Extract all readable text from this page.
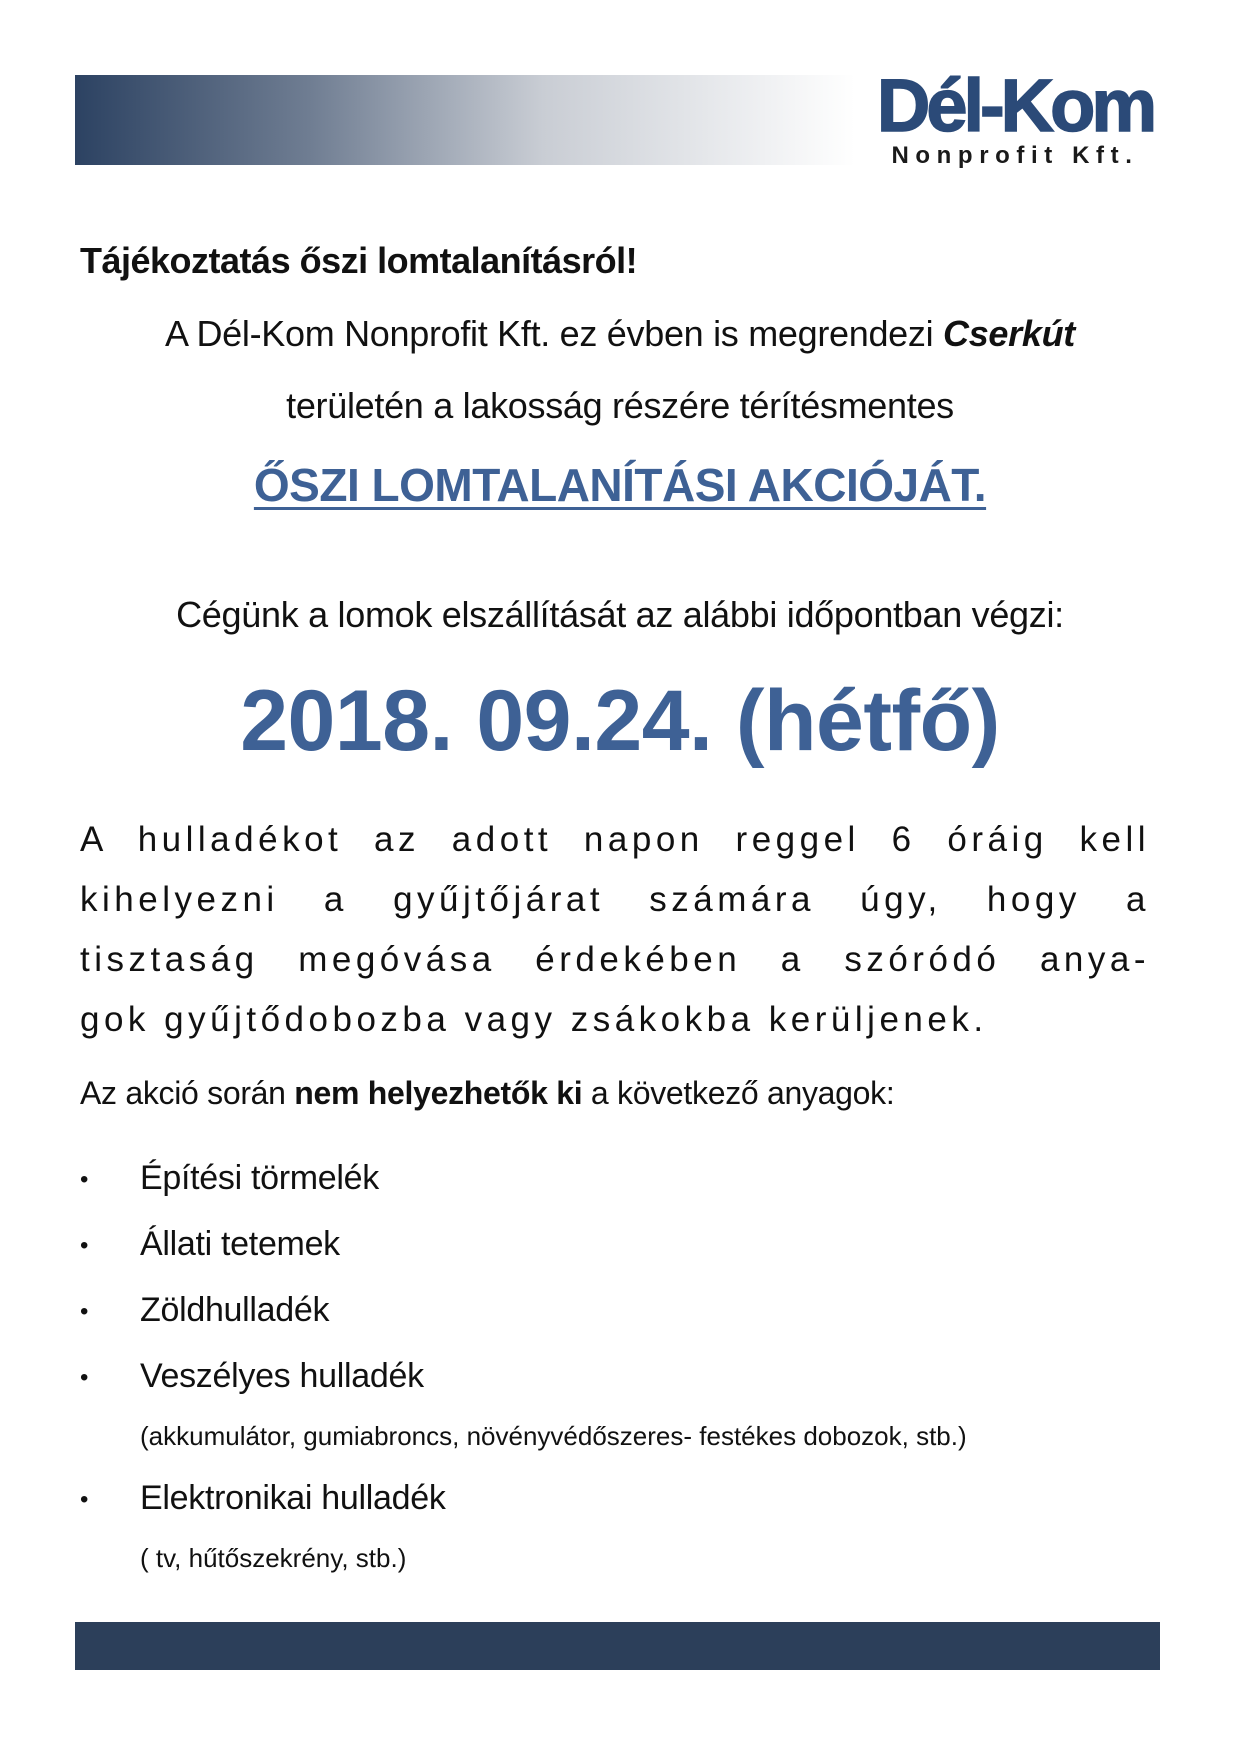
Dél-Kom
Nonprofit Kft.
Tájékoztatás őszi lomtalanításról!
A Dél-Kom Nonprofit Kft. ez évben is megrendezi Cserkút
területén a lakosság részére térítésmentes
ŐSZI LOMTALANÍTÁSI AKCIÓJÁT.
Cégünk a lomok elszállítását az alábbi időpontban végzi:
2018. 09.24. (hétfő)
A hulladékot az adott napon reggel 6 óráig kell
kihelyezni a gyűjtőjárat számára úgy, hogy a
tisztaság megóvása érdekében a szóródó anya-
gok gyűjtődobozba vagy zsákokba kerüljenek.
Az akció során nem helyezhetők ki a következő anyagok:
• Építési törmelék
• Állati tetemek
• Zöldhulladék
• Veszélyes hulladék
(akkumulátor, gumiabroncs, növényvédőszeres- festékes dobozok, stb.)
• Elektronikai hulladék
( tv, hűtőszekrény, stb.)
